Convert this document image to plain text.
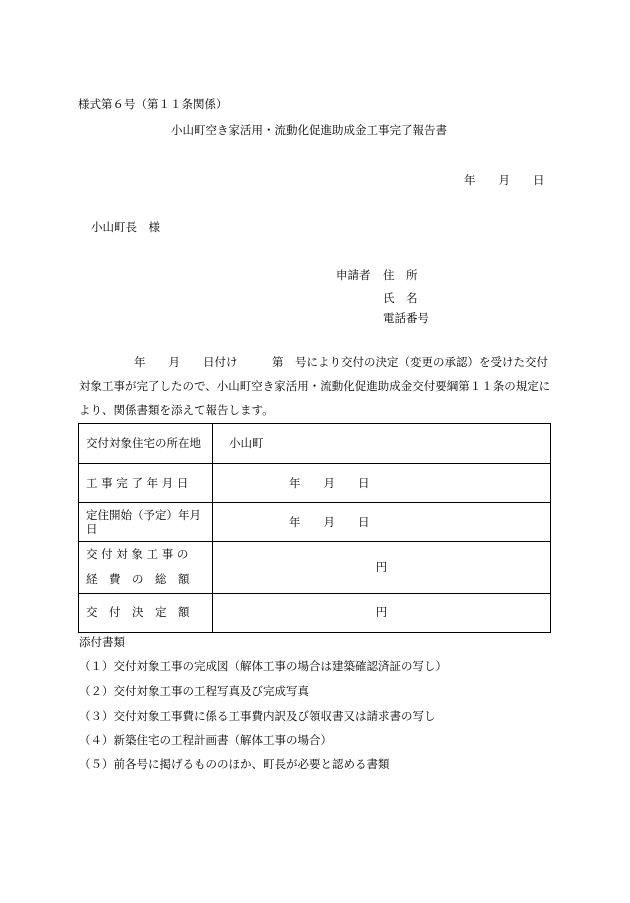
様式第６号（第１１条関係）
小山町空き家活用・流動化促進助成金工事完了報告書
年　　月　　日
小山町長　様
申請者 住　所
氏　名
電話番号
年　　月　　日付け　　　第　号により交付の決定（変更の承認）を受けた交付
対象工事が完了したので、小山町空き家活用・流動化促進助成金交付要綱第１１条の規定に
より、関係書類を添えて報告します。
交付対象住宅の所在地	小山町
工 事 完 了 年 月 日	年　　月　　日
定住開始（予定）年月日	年　　月　　日

交 付 対 象 工 事 の
経　費　の　総　額	円
交　付　決　定　額	円
添付書類
（１）交付対象工事の完成図（解体工事の場合は建築確認済証の写し）
（２）交付対象工事の工程写真及び完成写真
（３）交付対象工事費に係る工事費内訳及び領収書又は請求書の写し
（４）新築住宅の工程計画書（解体工事の場合）
（５）前各号に掲げるもののほか、町長が必要と認める書類
